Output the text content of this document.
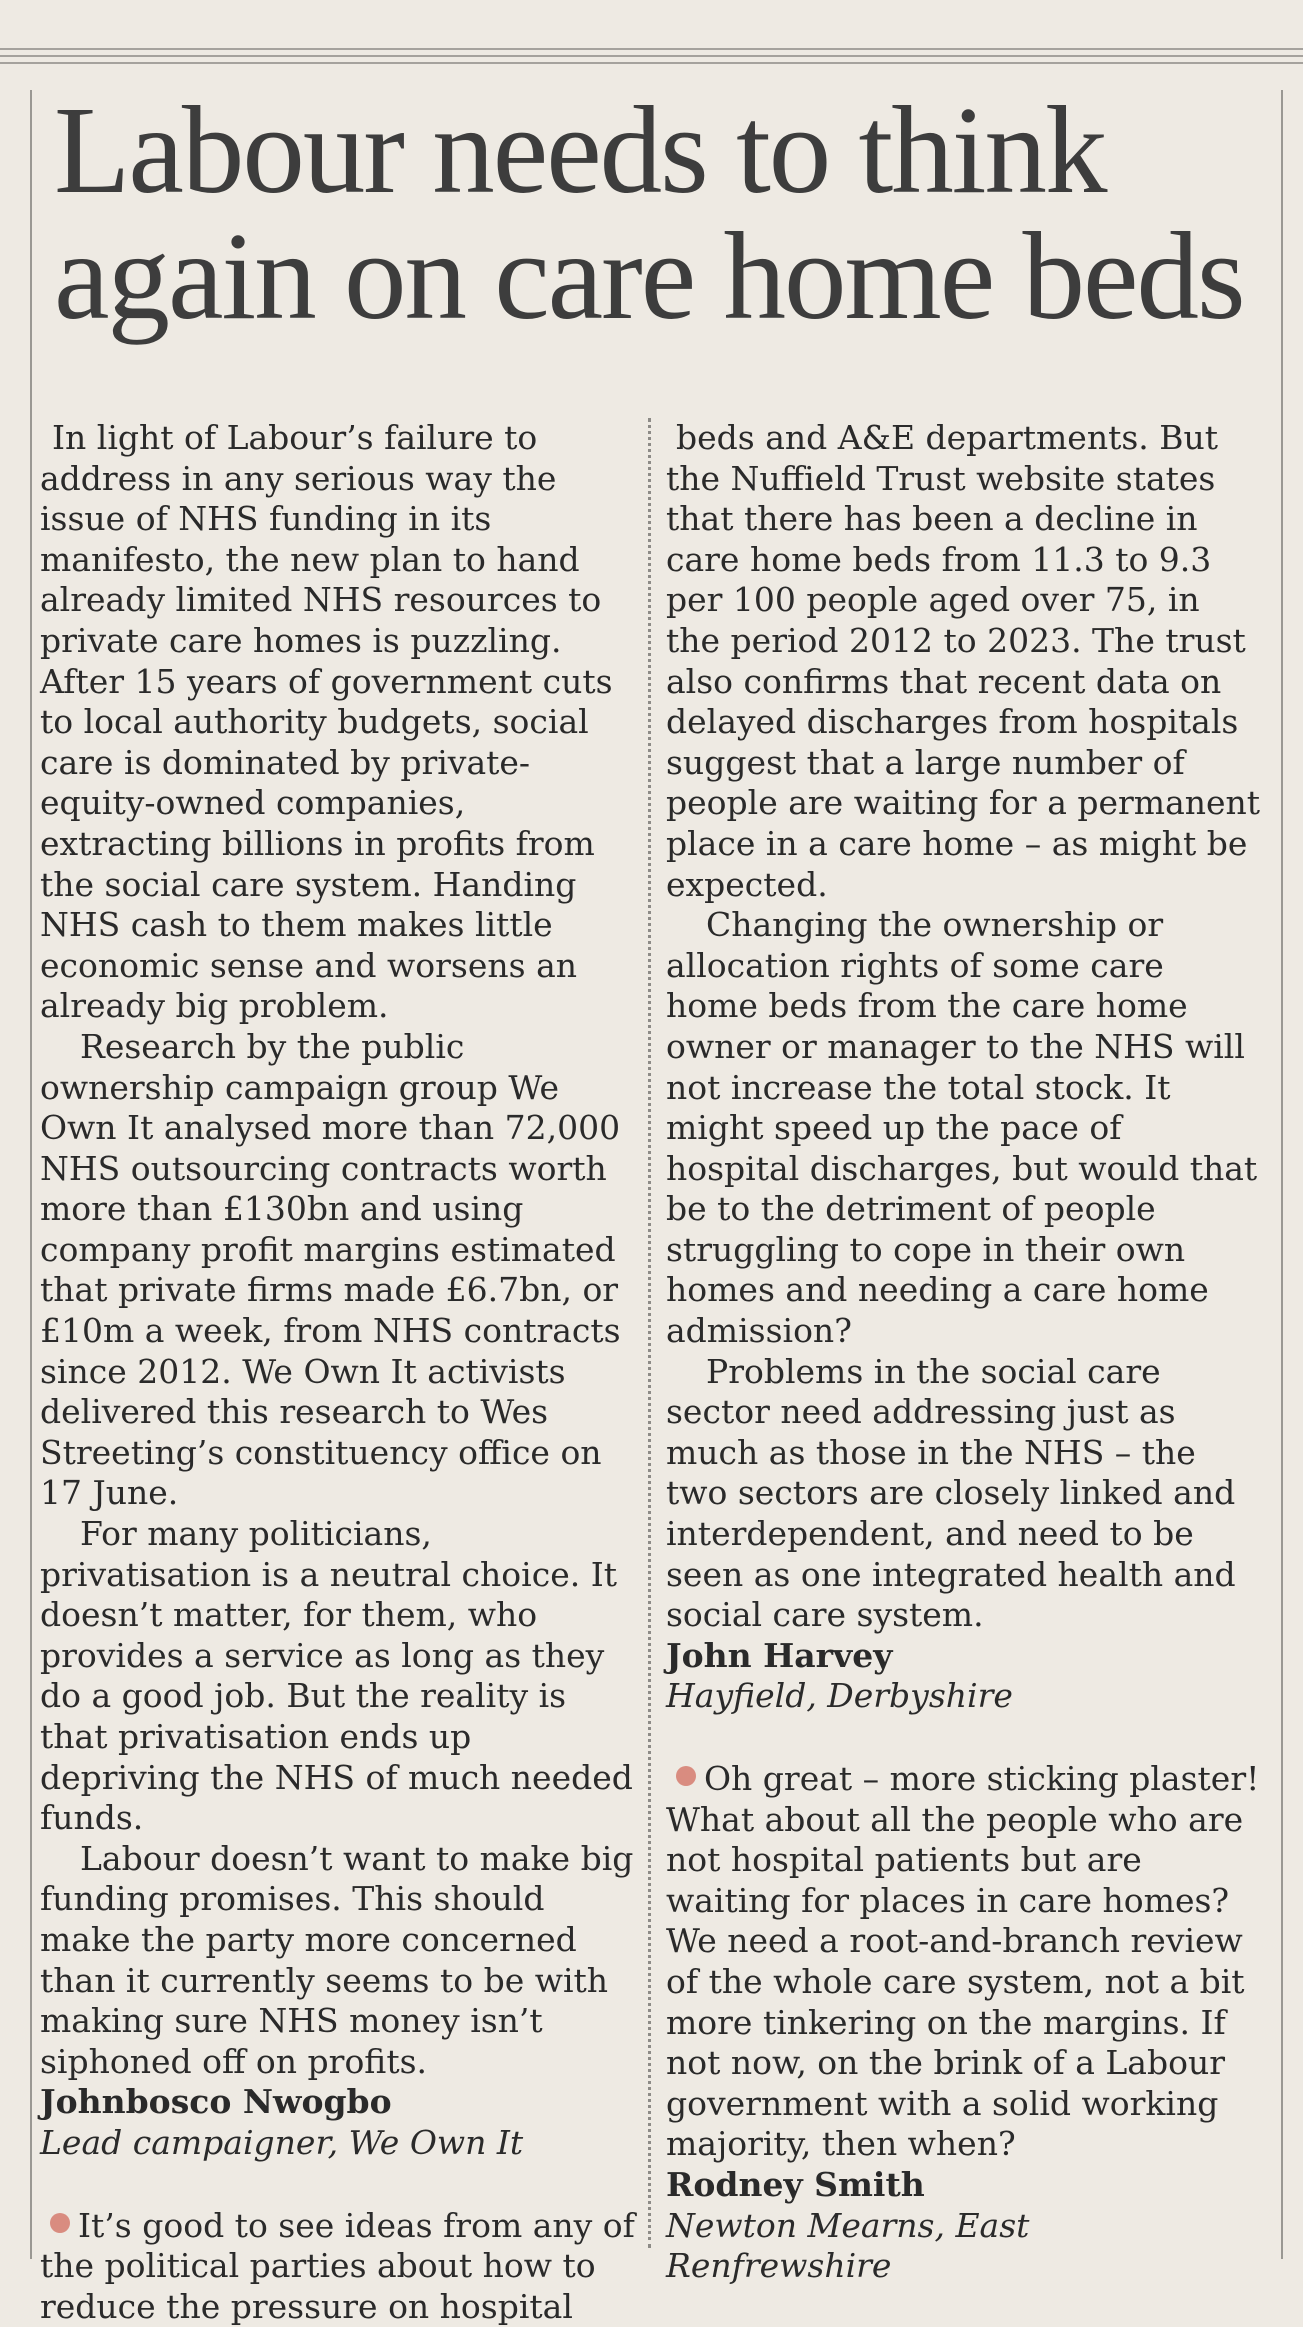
Labour needs to think again on care home beds

In light of Labour’s failure to address in any serious way the issue of NHS funding in its manifesto, the new plan to hand already limited NHS resources to private care homes is puzzling. After 15 years of government cuts to local authority budgets, social care is dominated by private-equity-owned companies, extracting billions in profits from the social care system. Handing NHS cash to them makes little economic sense and worsens an already big problem.

Research by the public ownership campaign group We Own It analysed more than 72,000 NHS outsourcing contracts worth more than £130bn and using company profit margins estimated that private firms made £6.7bn, or £10m a week, from NHS contracts since 2012. We Own It activists delivered this research to Wes Streeting’s constituency office on 17 June.

For many politicians, privatisation is a neutral choice. It doesn’t matter, for them, who provides a service as long as they do a good job. But the reality is that privatisation ends up depriving the NHS of much needed funds.

Labour doesn’t want to make big funding promises. This should make the party more concerned than it currently seems to be with making sure NHS money isn’t siphoned off on profits.

Johnbosco Nwogbo
Lead campaigner, We Own It

It’s good to see ideas from any of the political parties about how to reduce the pressure on hospital

beds and A&E departments. But the Nuffield Trust website states that there has been a decline in care home beds from 11.3 to 9.3 per 100 people aged over 75, in the period 2012 to 2023. The trust also confirms that recent data on delayed discharges from hospitals suggest that a large number of people are waiting for a permanent place in a care home – as might be expected.

Changing the ownership or allocation rights of some care home beds from the care home owner or manager to the NHS will not increase the total stock. It might speed up the pace of hospital discharges, but would that be to the detriment of people struggling to cope in their own homes and needing a care home admission?

Problems in the social care sector need addressing just as much as those in the NHS – the two sectors are closely linked and interdependent, and need to be seen as one integrated health and social care system.

John Harvey
Hayfield, Derbyshire

Oh great – more sticking plaster! What about all the people who are not hospital patients but are waiting for places in care homes? We need a root-and-branch review of the whole care system, not a bit more tinkering on the margins. If not now, on the brink of a Labour government with a solid working majority, then when?

Rodney Smith
Newton Mearns, East Renfrewshire
